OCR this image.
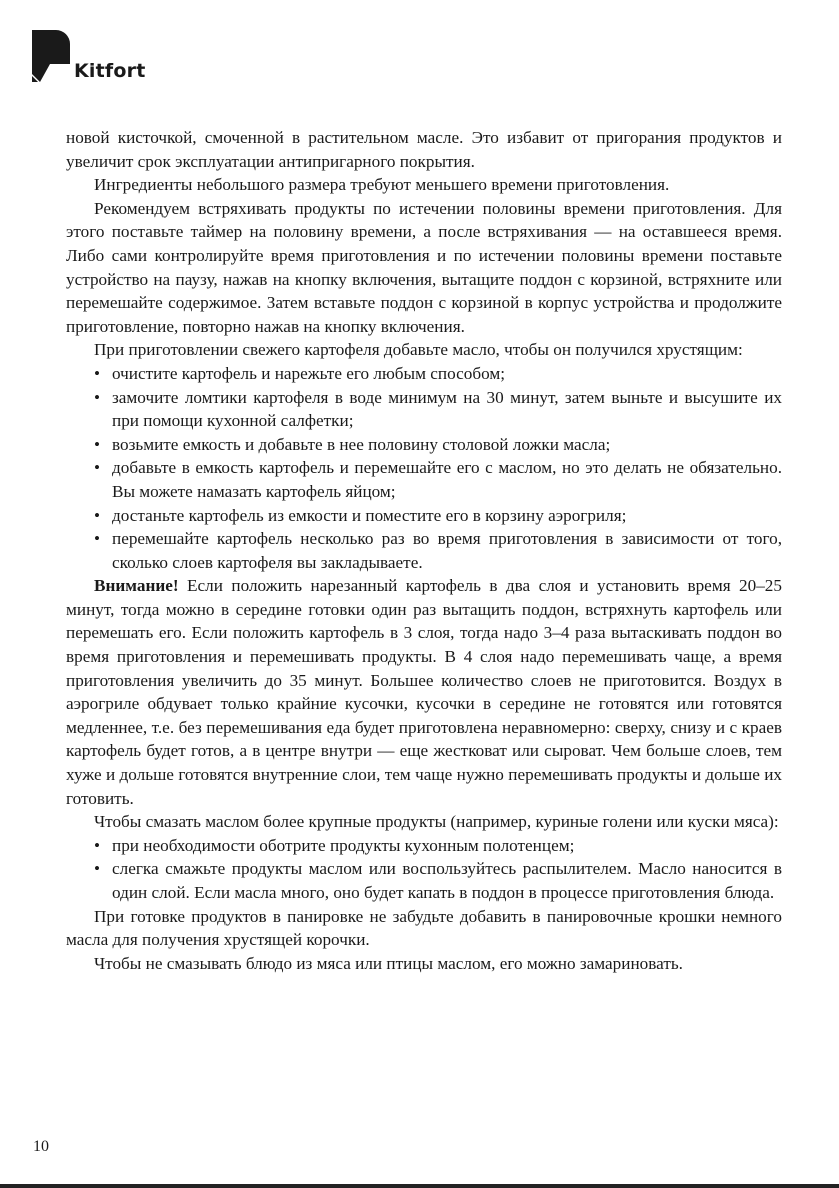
Kitfort

новой кисточкой, смоченной в растительном масле. Это избавит от пригорания продуктов и увеличит срок эксплуатации антипригарного покрытия.

Ингредиенты небольшого размера требуют меньшего времени приготовления.

Рекомендуем встряхивать продукты по истечении половины времени приготовления. Для этого поставьте таймер на половину времени, а после встряхивания — на оставшееся время. Либо сами контролируйте время приготовления и по истечении половины времени поставьте устройство на паузу, нажав на кнопку включения, вытащите поддон с корзиной, встряхните или перемешайте содержимое. Затем вставьте поддон с корзиной в корпус устройства и продолжите приготовление, повторно нажав на кнопку включения.

При приготовлении свежего картофеля добавьте масло, чтобы он получился хрустящим:

• очистите картофель и нарежьте его любым способом;
• замочите ломтики картофеля в воде минимум на 30 минут, затем выньте и высушите их при помощи кухонной салфетки;
• возьмите емкость и добавьте в нее половину столовой ложки масла;
• добавьте в емкость картофель и перемешайте его с маслом, но это делать не обязательно. Вы можете намазать картофель яйцом;
• достаньте картофель из емкости и поместите его в корзину аэрогриля;
• перемешайте картофель несколько раз во время приготовления в зависимости от того, сколько слоев картофеля вы закладываете.

Внимание! Если положить нарезанный картофель в два слоя и установить время 20–25 минут, тогда можно в середине готовки один раз вытащить поддон, встряхнуть картофель или перемешать его. Если положить картофель в 3 слоя, тогда надо 3–4 раза вытаскивать поддон во время приготовления и перемешивать продукты. В 4 слоя надо перемешивать чаще, а время приготовления увеличить до 35 минут. Большее количество слоев не приготовится. Воздух в аэрогриле обдувает только крайние кусочки, кусочки в середине не готовятся или готовятся медленнее, т.е. без перемешивания еда будет приготовлена неравномерно: сверху, снизу и с краев картофель будет готов, а в центре внутри — еще жестковат или сыроват. Чем больше слоев, тем хуже и дольше готовятся внутренние слои, тем чаще нужно перемешивать продукты и дольше их готовить.

Чтобы смазать маслом более крупные продукты (например, куриные голени или куски мяса):

• при необходимости оботрите продукты кухонным полотенцем;
• слегка смажьте продукты маслом или воспользуйтесь распылителем. Масло наносится в один слой. Если масла много, оно будет капать в поддон в процессе приготовления блюда.

При готовке продуктов в панировке не забудьте добавить в панировочные крошки немного масла для получения хрустящей корочки.

Чтобы не смазывать блюдо из мяса или птицы маслом, его можно замариновать.

10
